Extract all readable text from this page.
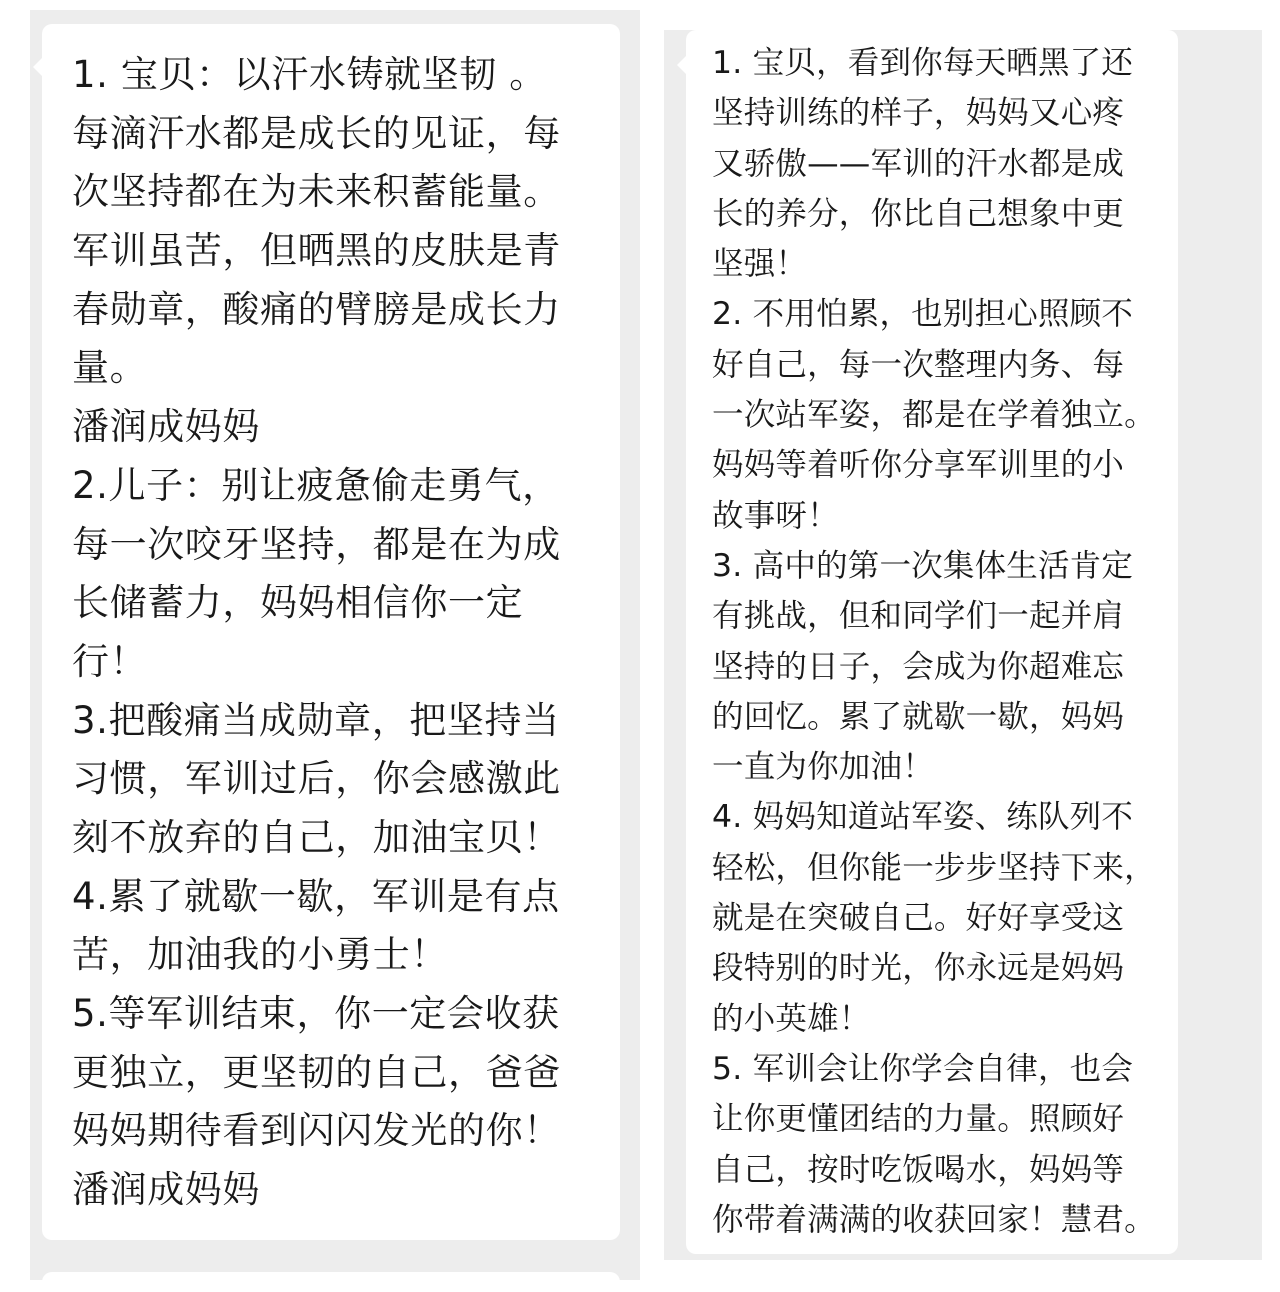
1. 宝贝：以汗水铸就坚韧 。
每滴汗水都是成长的见证，每
次坚持都在为未来积蓄能量。
军训虽苦，但晒黑的皮肤是青
春勋章，酸痛的臂膀是成长力
量。
潘润成妈妈
2.儿子：别让疲惫偷走勇气，
每一次咬牙坚持，都是在为成
长储蓄力，妈妈相信你一定
行！
3.把酸痛当成勋章，把坚持当
习惯，军训过后，你会感激此
刻不放弃的自己，加油宝贝！
4.累了就歇一歇，军训是有点
苦，加油我的小勇士！
5.等军训结束，你一定会收获
更独立，更坚韧的自己，爸爸
妈妈期待看到闪闪发光的你！
潘润成妈妈
1. 宝贝，看到你每天晒黑了还
坚持训练的样子，妈妈又心疼
又骄傲——军训的汗水都是成
长的养分，你比自己想象中更
坚强！
2. 不用怕累，也别担心照顾不
好自己，每一次整理内务、每
一次站军姿，都是在学着独立。
妈妈等着听你分享军训里的小
故事呀！
3. 高中的第一次集体生活肯定
有挑战，但和同学们一起并肩
坚持的日子，会成为你超难忘
的回忆。累了就歇一歇，妈妈
一直为你加油！
4. 妈妈知道站军姿、练队列不
轻松，但你能一步步坚持下来，
就是在突破自己。好好享受这
段特别的时光，你永远是妈妈
的小英雄！
5. 军训会让你学会自律，也会
让你更懂团结的力量。照顾好
自己，按时吃饭喝水，妈妈等
你带着满满的收获回家！慧君。
